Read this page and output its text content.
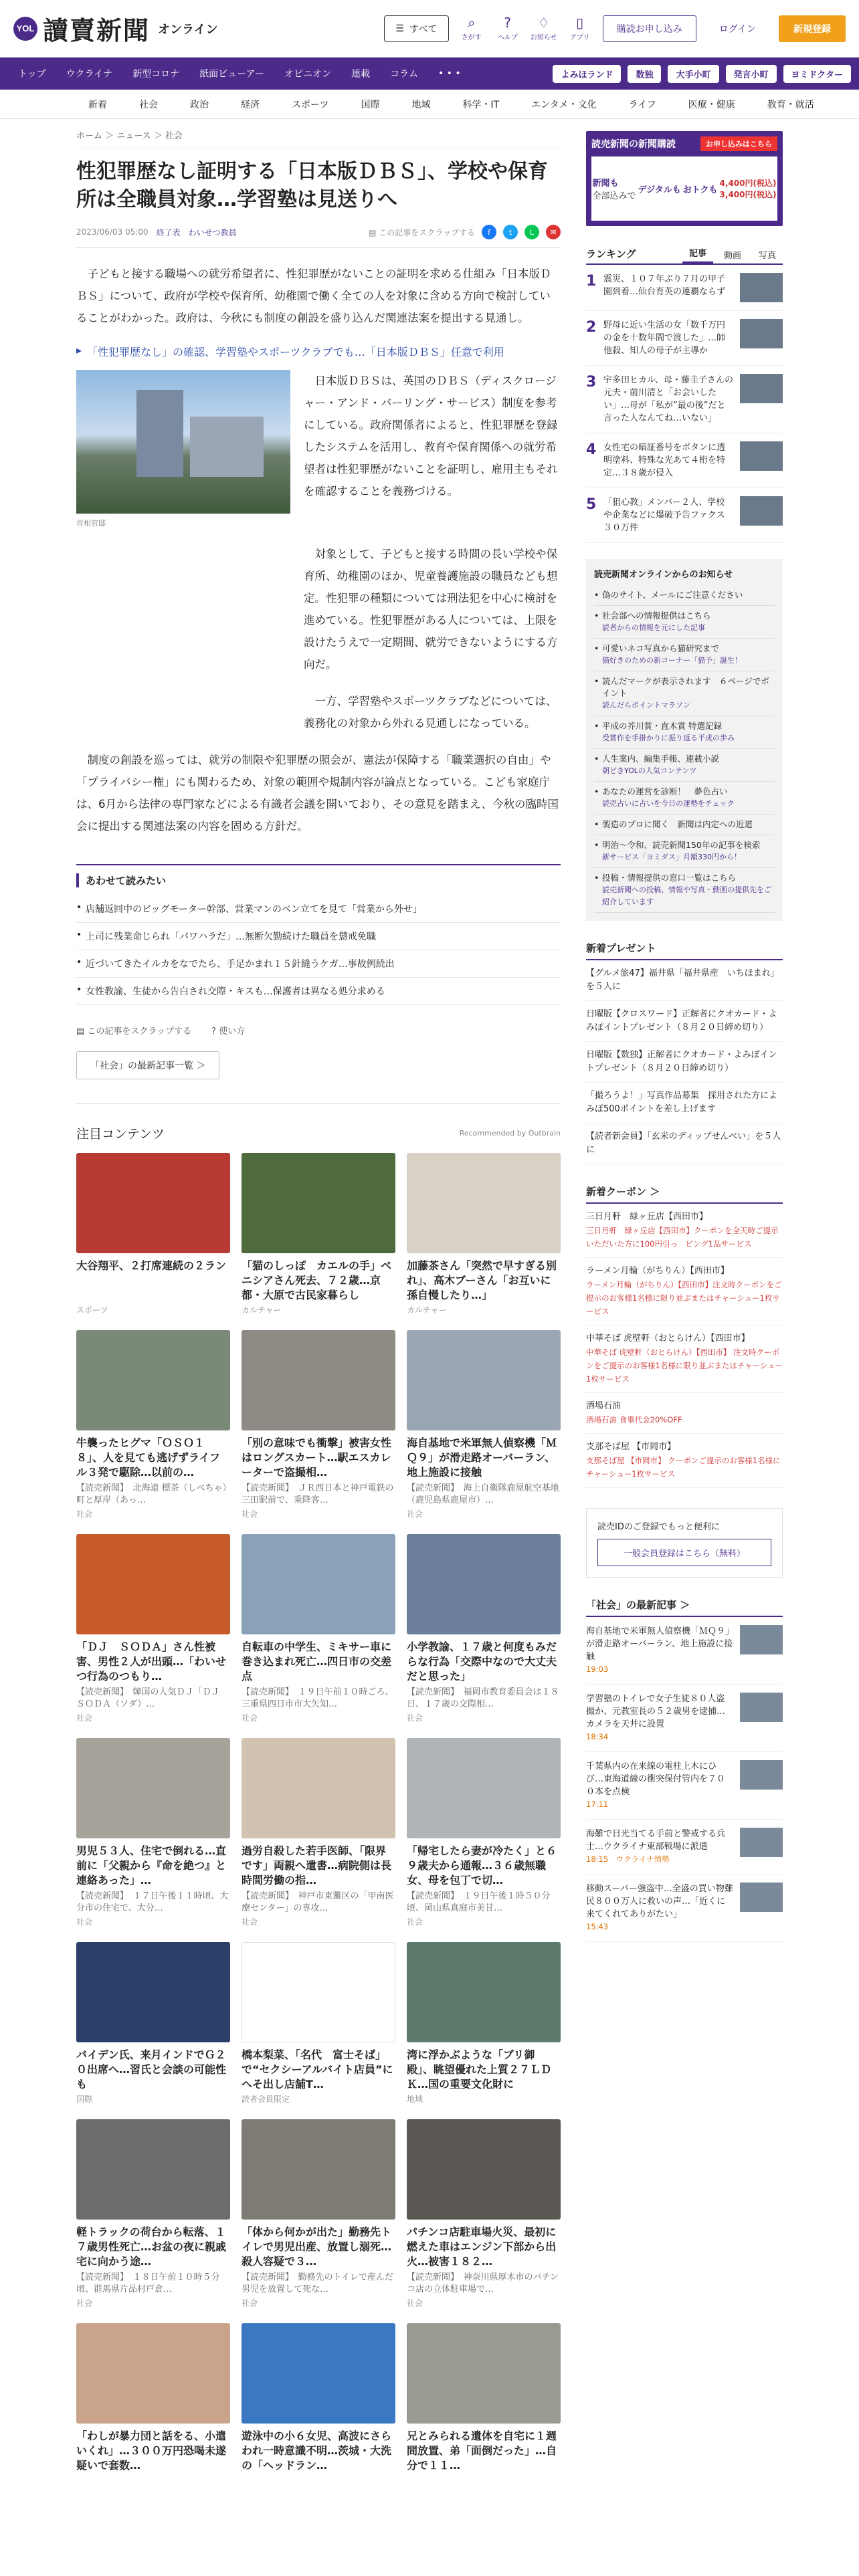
YOL 讀賣新聞 オンライン	☰ すべて ⌕
さがす
?
ヘルプ
♢
お知らせ
▯
アプリ
購読お申し込み	ログイン	新規登録
トップ	ウクライナ	新型コロナ	紙面ビューアー	オピニオン	連載	コラム	• • •	よみほランド	数独	大手小町	発言小町	ヨミドクター
新着	社会	政治	経済	スポーツ	国際	地域	科学・IT	エンタメ・文化	ライフ	医療・健康	教育・就活
ホーム ＞ ニュース ＞ 社会
性犯罪歴なし証明する「日本版ＤＢＳ」、学校や保育所は全職員対象…学習塾は見送りへ
2023/06/03 05:00 終了表 わいせつ教員	▤ この記事をスクラップする	f	t	L	✉

子どもと接する職場への就労希望者に、性犯罪歴がないことの証明を求める仕組み「日本版ＤＢＳ」について、政府が学校や保育所、幼稚園で働く全ての人を対象に含める方向で検討していることがわかった。政府は、今秋にも制度の創設を盛り込んだ関連法案を提出する見通し。

▸ 「性犯罪歴なし」の確認、学習塾やスポーツクラブでも…「日本版ＤＢＳ」任意で利用
首相官邸

日本版ＤＢＳは、英国のＤＢＳ（ディスクロージャー・アンド・バーリング・サービス）制度を参考にしている。政府関係者によると、性犯罪歴を登録したシステムを活用し、教育や保育関係への就労希望者は性犯罪歴がないことを証明し、雇用主もそれを確認することを義務づける。

対象として、子どもと接する時間の長い学校や保育所、幼稚園のほか、児童養護施設の職員なども想定。性犯罪の種類については刑法犯を中心に検討を進めている。性犯罪歴がある人については、上限を設けたうえで一定期間、就労できないようにする方向だ。

一方、学習塾やスポーツクラブなどについては、義務化の対象から外れる見通しになっている。

制度の創設を巡っては、就労の制限や犯罪歴の照会が、憲法が保障する「職業選択の自由」や「プライバシー権」にも関わるため、対象の範囲や規制内容が論点となっている。こども家庭庁は、6月から法律の専門家などによる有識者会議を開いており、その意見を踏まえ、今秋の臨時国会に提出する関連法案の内容を固める方針だ。

あわせて読みたい
• 店舗返回中のビッグモーター幹部、営業マンのベン立てを見て「営業から外せ」
• 上司に残業命じられ「パワハラだ」…無断欠勤続けた職員を懲戒免職
• 近づいてきたイルカをなでたら、手足かまれ１５針縫うケガ…事故例続出
• 女性教諭、生徒から告白され交際・キスも…保護者は異なる処分求める
▤ この記事をスクラップする ? 使い方
「社会」の最新記事一覧 ＞
注目コンテンツ	Recommended by Outbrain
大谷翔平、２打席連続の２ラン
スポーツ
「猫のしっぽ　カエルの手」ベニシアさん死去、７２歳…京都・大原で古民家暮らし
カルチャー
加藤茶さん「突然で早すぎる別れ」、高木ブーさん「お互いに孫自慢したり…」
カルチャー
牛襲ったヒグマ「ＯＳＯ１８」、人を見ても逃げずライフル３発で駆除…以前の…
【読売新聞】　北海道 標茶（しべちゃ）町と厚岸（あっ…
社会
「別の意味でも衝撃」被害女性はロングスカート…駅エスカレーターで盗撮相…
【読売新聞】　ＪＲ西日本と神戸電鉄の三田駅前で、乗降客…
社会
海自基地で米軍無人偵察機「ＭＱ９」が滑走路オーバーラン、地上施設に接触
【読売新聞】　海上自衛隊鹿屋航空基地（鹿児島県鹿屋市）…
社会
「ＤＪ　ＳＯＤＡ」さん性被害、男性２人が出頭…「わいせつ行為のつもり…
【読売新聞】　韓国の人気ＤＪ「ＤＪ　ＳＯＤＡ（ソダ）…
社会
自転車の中学生、ミキサー車に巻き込まれ死亡…四日市の交差点
【読売新聞】　１９日午前１０時ごろ、三重県四日市市大矢知…
社会
小学教諭、１７歳と何度もみだらな行為「交際中なので大丈夫だと思った」
【読売新聞】　福岡市教育委員会は１８日、１７歳の交際相…
社会
男児５３人、住宅で倒れる…直前に「父親から『命を絶つ』と連絡あった」…
【読売新聞】　１７日午後１１時頃、大分市の住宅で、大分…
社会
過労自殺した若手医師、「限界です」両親へ遺書…病院側は長時間労働の指…
【読売新聞】　神戸市東灘区の「甲南医療センター」の専攻…
社会
「帰宅したら妻が冷たく」と６９歳夫から通報…３６歳無職女、母を包丁で切…
【読売新聞】　１９日午後１時５０分頃、岡山県真庭市美甘…
社会
バイデン氏、来月インドでＧ２０出席へ…習氏と会談の可能性も
国際
橋本梨菜、「名代　富士そば」で“セクシーアルバイト店員”に　へそ出し店舗T…
読者会員限定
湾に浮かぶような「ブリ御殿」、眺望優れた上質２７ＬＤＫ…国の重要文化財に
地域
軽トラックの荷台から転落、１７歳男性死亡…お盆の夜に親戚宅に向かう途…
【読売新聞】　１８日午前１０時５分頃、群馬県片品村戸倉…
社会
「体から何かが出た」勤務先トイレで男児出産、放置し溺死…殺人容疑で３…
【読売新聞】　勤務先のトイレで産んだ男児を放置して死な…
社会
パチンコ店駐車場火災、最初に燃えた車はエンジン下部から出火…被害１８２…
【読売新聞】　神奈川県厚木市のパチンコ店の立体駐車場で…
社会
「わしが暴力団と話をる、小遣いくれ」…３００万円恐喝未遂疑いで套数…
遊泳中の小６女児、高波にさらわれ一時意識不明…茨城・大洗の「ヘッドラン…
兄とみられる遺体を自宅に１週間放置、弟「面倒だった」…自分で１１…
読売新聞の新聞購読	お申し込みはこちら
新聞も
全部込みで
デジタルも おトクも
4,400円(税込)
3,400円(税込)
ランキング	記事	動画	写真
1 震災、１０７年ぶり７月の甲子園到着…仙台育英の連覇ならず
2 野母に近い生活の女「数千万円の金を十数年間で渡した」…師他殺、知人の母子が主導か
3 宇多田ヒカル、母・藤圭子さんの元夫・前川清と「お会いしたい」…母が「私が”最の後”だと言った人なんてね…いない」
4 女性宅の暗証番号をボタンに透明塗料、特殊な光あて４桁を特定…３８歳が侵入
5 「狙心教」メンバー２人、学校や企業などに爆破予告ファクス３０万件
読売新聞オンラインからのお知らせ
• 偽のサイト、メールにご注意ください
• 社会部への情報提供はこちら
読者からの情報を元にした記事
• 可愛いネコ写真から猫研究まで
猫好きのための新コーナー「猫予」誕生！
• 読んだマークが表示されます　６ページでポイント
読んだらポイントマラソン
• 平成の芥川賞・直木賞 特選記録
受賞作を手掛かりに振り返る平成の歩み
• 人生案内、編集手帳、連載小説
朝どきYOLの人気コンテンツ
• あなたの運営を診断！　夢色占い
読売占いに占いを今日の運勢をチェック
• 製造のプロに聞く　新聞は内定への近道
• 明治〜令和、読売新聞150年の記事を検索
新サービス「ヨミダス」月額330円から！
• 投稿・情報提供の窓口一覧はこちら
読売新聞への投稿、情報や写真・動画の提供先をご紹介しています
新着プレゼント
【グルメ旅47】福井県「福井県産　いちほまれ」を５人に
日曜版【クロスワード】正解者にクオカード・よみぽイントプレゼント（８月２０日締め切り）
日曜版【数独】正解者にクオカード・よみぽイントプレゼント（８月２０日締め切り）
「撮ろうよ！」写真作品募集　採用された方によみぽ500ポイントを差し上げます
【読者新会員】「玄米のディップせんべい」を５人に
新着クーポン ＞
三日月軒　緑ヶ丘店【西田市】
三日月軒　緑ヶ丘店【西田市】クーポンを全天時ご提示いただいた方に100円引っ　ピング1品サービス
ラーメン月輪（がちりん）【西田市】
ラーメン月輪（がちりん）【西田市】注文時クーポンをご提示のお客様1名様に限り並ぶまたはチャーシュー1枚サービス
中華そば 虎壁軒（おとらけん）【西田市】
中華そば 虎壁軒（おとらけん）【西田市】 注文時クーポンをご提示のお客様1名様に限り並ぶまたはチャーシュー1枚サービス
酒場石油
酒場石油 食事代金20%OFF
支那そば屋 【市岡市】
支那そば屋 【市岡市】 クーポンご提示のお客様1名様にチャーシュー1枚サービス
読売IDのご登録でもっと便利に
一般会員登録はこちら（無料）
「社会」の最新記事 ＞
海自基地で米軍無人偵察機「ＭＱ９」が滑走路オーバーラン、地上施設に接触
19:03
学習塾のトイレで女子生徒８０人盗撮か、元教室長の５２歳男を逮捕…カメラを天井に設置
18:34
千葉県内の在来線の電柱上木にひび…東海道線の衝突保付管内を７００本を点検
17:11
海難で日光当てる手前と警戒する兵士…ウクライナ東部戦場に派遣
18:15　ウクライナ情勢
移動スーパー強盗中…全盛の買い物難民８００万人に救いの声…「近くに来てくれてありがたい」
15:43
